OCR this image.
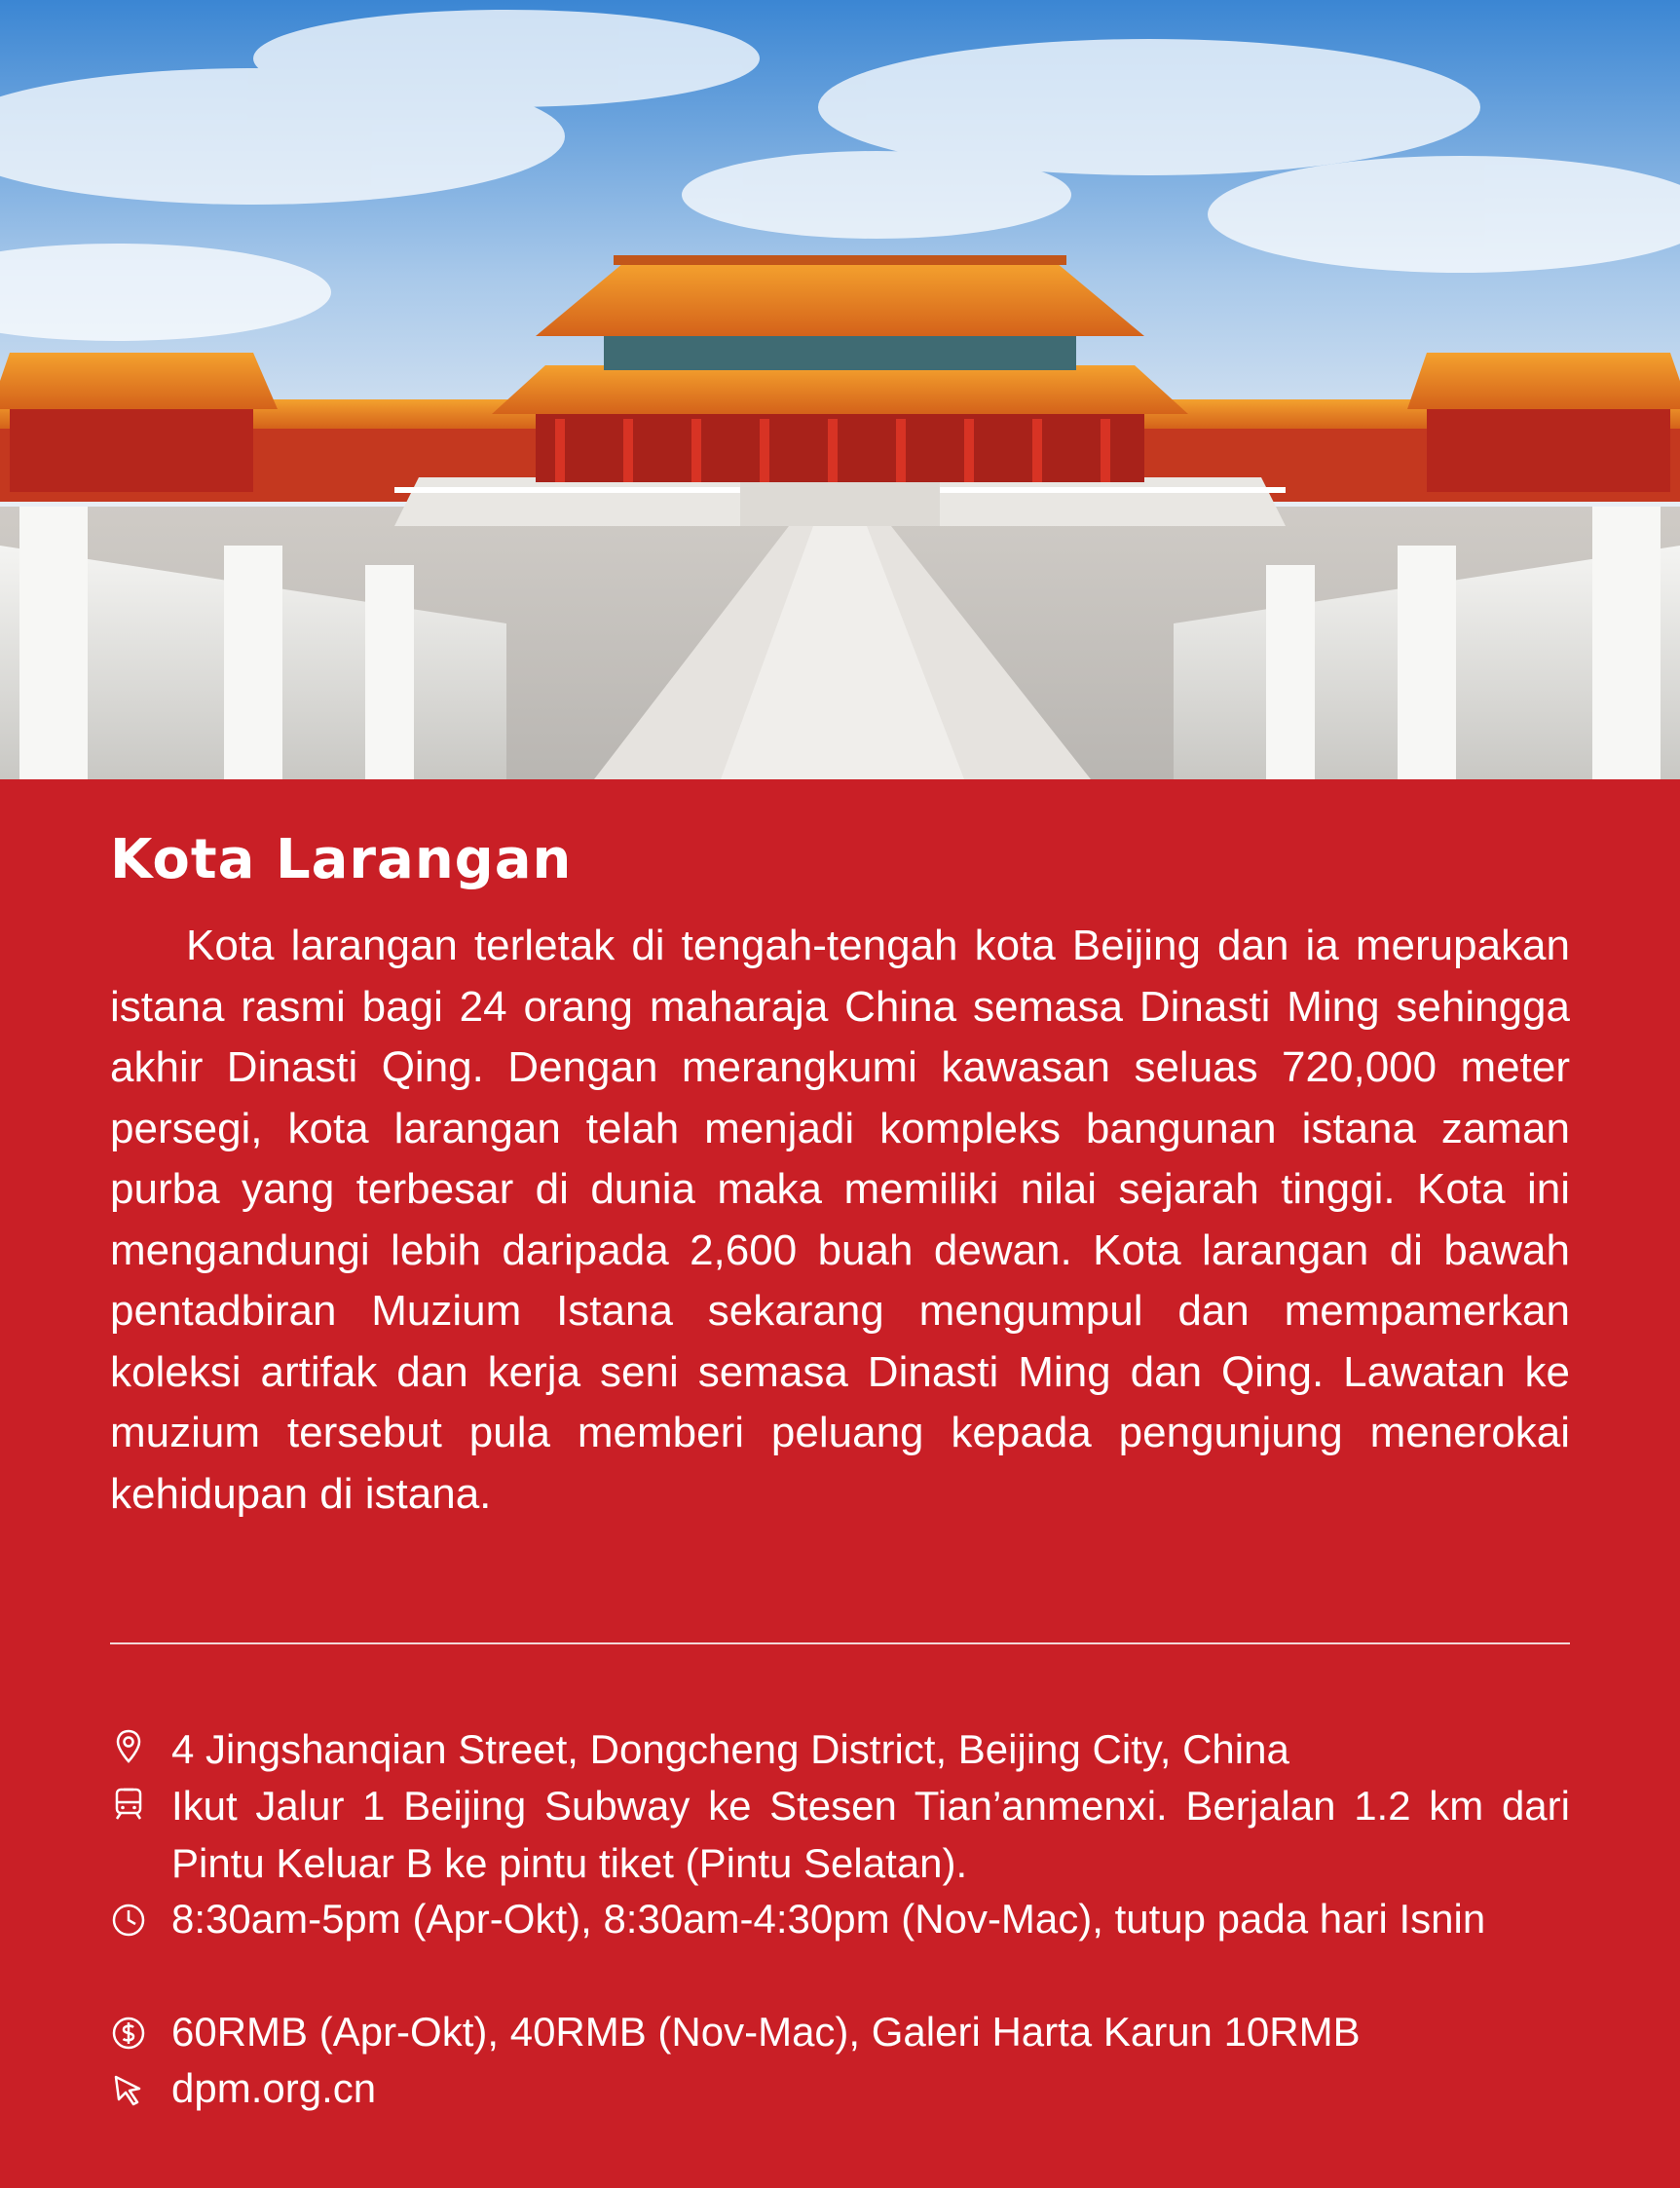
Kota Larangan

Kota larangan terletak di tengah-tengah kota Beijing dan ia merupakan istana rasmi bagi 24 orang maharaja China semasa Dinasti Ming sehingga akhir Dinasti Qing. Dengan merangkumi kawasan seluas 720,000 meter persegi, kota larangan telah menjadi kompleks bangunan istana zaman purba yang terbesar di dunia maka memiliki nilai sejarah tinggi. Kota ini mengandungi lebih daripada 2,600 buah dewan. Kota larangan di bawah pentadbiran Muzium Istana sekarang mengumpul dan mempamerkan koleksi artifak dan kerja seni semasa Dinasti Ming dan Qing. Lawatan ke muzium tersebut pula memberi peluang kepada pengunjung menerokai kehidupan di istana.

4 Jingshanqian Street, Dongcheng District, Beijing City, China

Ikut Jalur 1 Beijing Subway ke Stesen Tian’anmenxi. Berjalan 1.2 km dari Pintu Keluar B ke pintu tiket (Pintu Selatan).

8:30am-5pm (Apr-Okt), 8:30am-4:30pm (Nov-Mac), tutup pada hari Isnin

60RMB (Apr-Okt), 40RMB (Nov-Mac), Galeri Harta Karun 10RMB

dpm.org.cn
